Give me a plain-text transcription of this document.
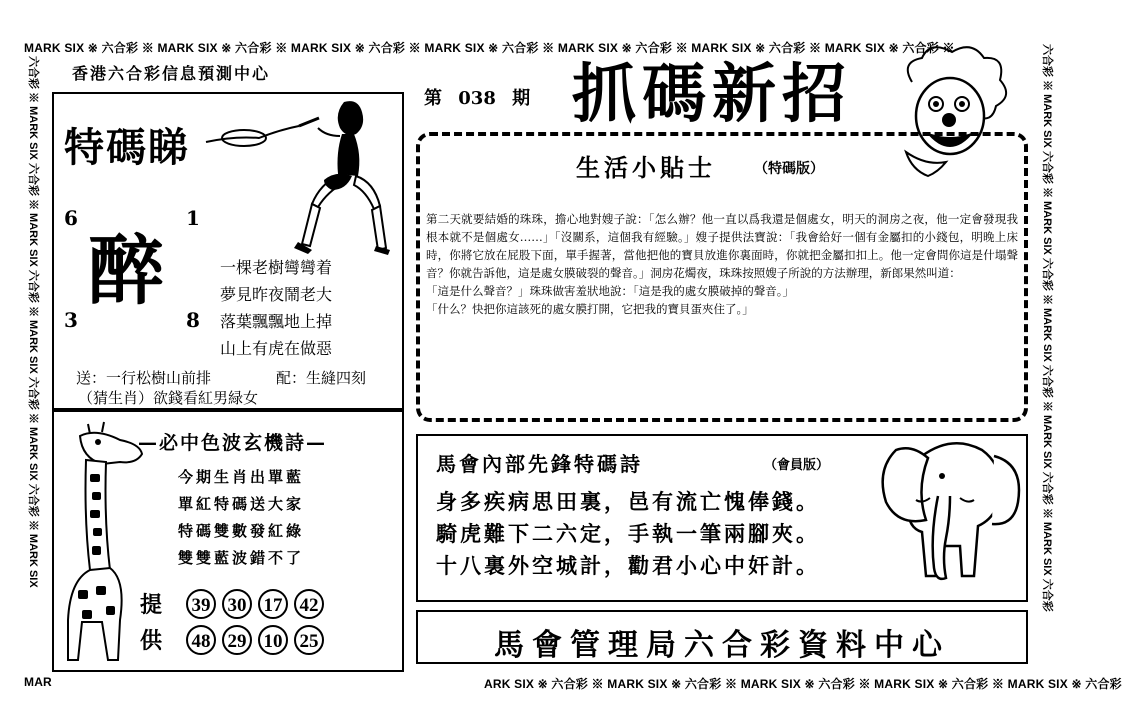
MARK SIX ※ 六合彩 ※ MARK SIX ※ 六合彩 ※ MARK SIX ※ 六合彩 ※ MARK SIX ※ 六合彩 ※ MARK SIX ※ 六合彩 ※ MARK SIX ※ 六合彩 ※ MARK SIX ※ 六合彩 ※
MAR	ARK SIX ※ 六合彩 ※ MARK SIX ※ 六合彩 ※ MARK SIX ※ 六合彩 ※ MARK SIX ※ 六合彩 ※ MARK SIX ※ 六合彩
六合彩 ※ MARK SIX 六合彩 ※ MARK SIX 六合彩 ※ MARK SIX 六合彩 ※ MARK SIX 六合彩 ※ MARK SIX	六合彩 ※ MARK SIX 六合彩 ※ MARK SIX 六合彩 ※ MARK SIX 六合彩 ※ MARK SIX 六合彩 ※ MARK SIX 六合彩
香港六合彩信息預測中心
特碼睇
6	1
3	8
醉	一棵老樹彎彎着
夢見昨夜鬧老大
落葉飄飄地上掉
山上有虎在做惡
送：一行松樹山前排	配：生縫四刻
（猜生肖）欲錢看紅男緑女
第 038 期 抓碼新招
生活小貼士	（特碼版）
第二天就要結婚的珠珠，擔心地對嫂子說：「怎么辦？他一直以爲我還是個處女，明天的洞房之夜，他一定會發現我根本就不是個處女……」「沒關系，這個我有經驗。」嫂子提供法寶說：「我會給好一個有金屬扣的小錢包，明晚上床時，你將它放在屁股下面，單手握著，當他把他的寶貝放進你裏面時，你就把金屬扣扣上。他一定會問你這是什塌聲音？你就告訴他，這是處女膜破裂的聲音。」洞房花燭夜，珠珠按照嫂子所說的方法辦理，新郎果然叫道：
「這是什么聲音？」珠珠做害羞狀地說：「這是我的處女膜破掉的聲音。」
「什么？快把你這該死的處女膜打開，它把我的寶貝蛋夾住了。」
—必中色波玄機詩—
今期生肖出單藍
單紅特碼送大家
特碼雙數發紅綠
雙雙藍波錯不了
提 39 30 17 42
供 48 29 10 25
馬會內部先鋒特碼詩	（會員版）
身多疾病思田裏，邑有流亡愧俸錢。
騎虎難下二六定，手執一筆兩腳夾。
十八裏外空城計，勸君小心中奸計。
馬會管理局六合彩資料中心
